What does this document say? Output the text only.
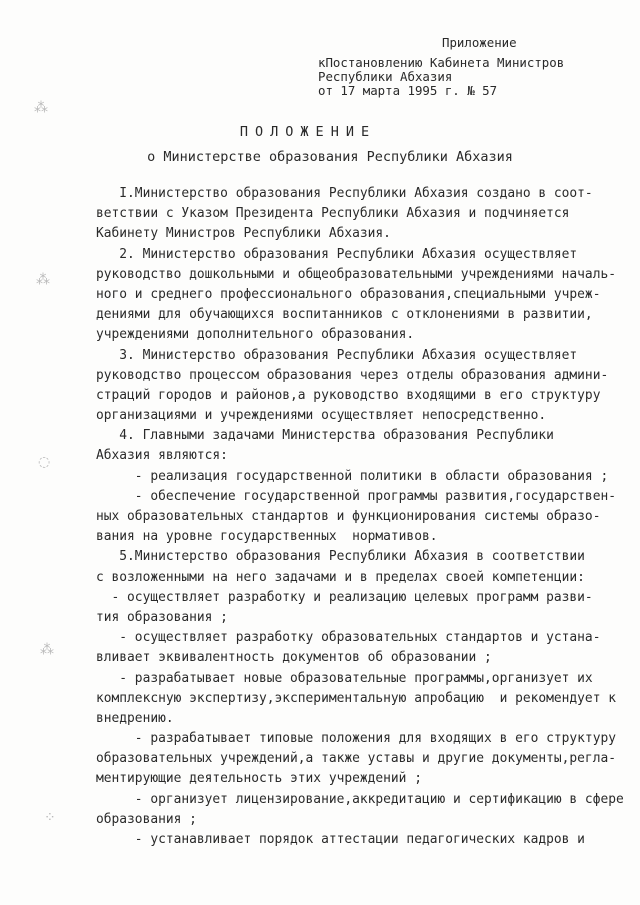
⁂
⁂
◌
⁂
⁘
Приложение
кПостановлению Кабинета Министров
Республики Абхазия
от 17 марта 1995 г. № 57
ПОЛОЖЕНИЕ
о Министерстве образования Республики Абхазия
I.Министерство образования Республики Абхазия создано в соот-
ветствии с Указом Президента Республики Абхазия и подчиняется
Кабинету Министров Республики Абхазия.
2. Министерство образования Республики Абхазия осуществляет
руководство дошкольными и общеобразовательными учреждениями началь-
ного и среднего профессионального образования,специальными учреж-
дениями для обучающихся воспитанников с отклонениями в развитии,
учреждениями дополнительного образования.
3. Министерство образования Республики Абхазия осуществляет
руководство процессом образования через отделы образования админи-
страций городов и районов,а руководство входящими в его структуру
организациями и учреждениями осуществляет непосредственно.
4. Главными задачами Министерства образования Республики
Абхазия являются:
- реализация государственной политики в области образования ;
- обеспечение государственной программы развития,государствен-
ных образовательных стандартов и функционирования системы образо-
вания на уровне государственных  нормативов.
5.Министерство образования Республики Абхазия в соответствии
с возложенными на него задачами и в пределах своей компетенции:
- осуществляет разработку и реализацию целевых программ разви-
тия образования ;
- осуществляет разработку образовательных стандартов и устана-
вливает эквивалентность документов об образовании ;
- разрабатывает новые образовательные программы,организует их
комплексную экспертизу,экспериментальную апробацию  и рекомендует к
внедрению.
- разрабатывает типовые положения для входящих в его структуру
образовательных учреждений,а также уставы и другие документы,регла-
ментирующие деятельность этих учреждений ;
- организует лицензирование,аккредитацию и сертификацию в сфере
образования ;
- устанавливает порядок аттестации педагогических кадров и
